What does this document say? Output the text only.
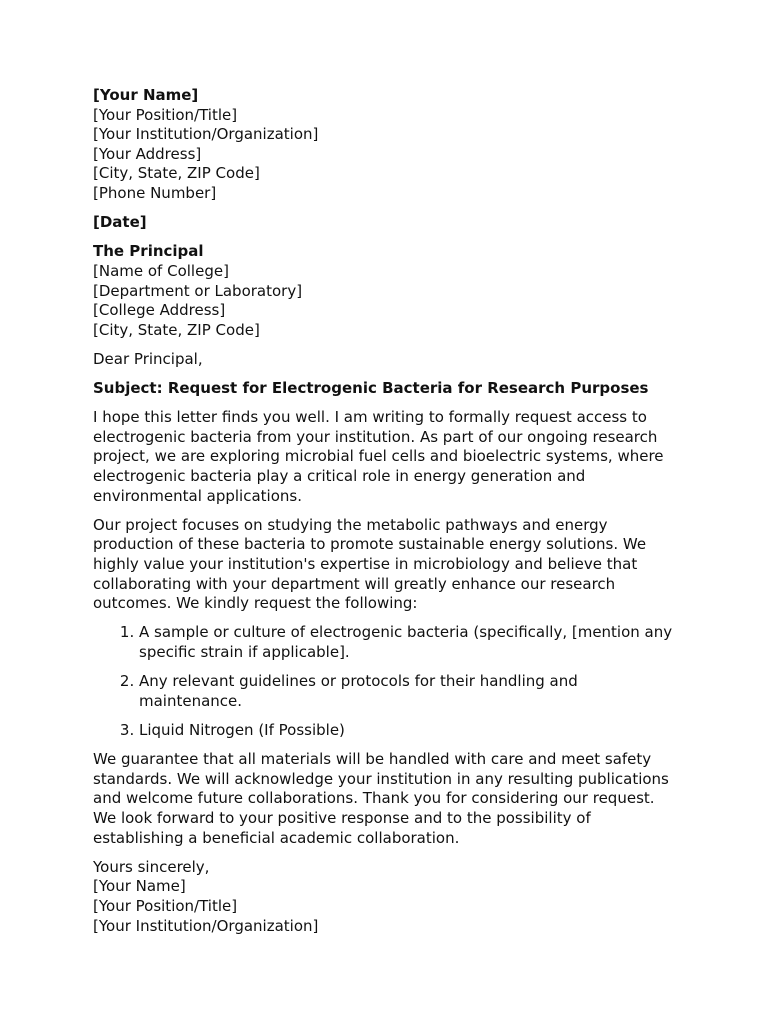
[Your Name]
[Your Position/Title]
[Your Institution/Organization]
[Your Address]
[City, State, ZIP Code]
[Phone Number]
[Date]
The Principal
[Name of College]
[Department or Laboratory]
[College Address]
[City, State, ZIP Code]

Dear Principal,

Subject: Request for Electrogenic Bacteria for Research Purposes

I hope this letter finds you well. I am writing to formally request access to electrogenic bacteria from your institution. As part of our ongoing research project, we are exploring microbial fuel cells and bioelectric systems, where electrogenic bacteria play a critical role in energy generation and environmental applications.

Our project focuses on studying the metabolic pathways and energy production of these bacteria to promote sustainable energy solutions. We highly value your institution's expertise in microbiology and believe that collaborating with your department will greatly enhance our research outcomes. We kindly request the following:

1. A sample or culture of electrogenic bacteria (specifically, [mention any specific strain if applicable].
2. Any relevant guidelines or protocols for their handling and maintenance.
3. Liquid Nitrogen (If Possible)

We guarantee that all materials will be handled with care and meet safety standards. We will acknowledge your institution in any resulting publications and welcome future collaborations. Thank you for considering our request. We look forward to your positive response and to the possibility of establishing a beneficial academic collaboration.

Yours sincerely,
[Your Name]
[Your Position/Title]
[Your Institution/Organization]
